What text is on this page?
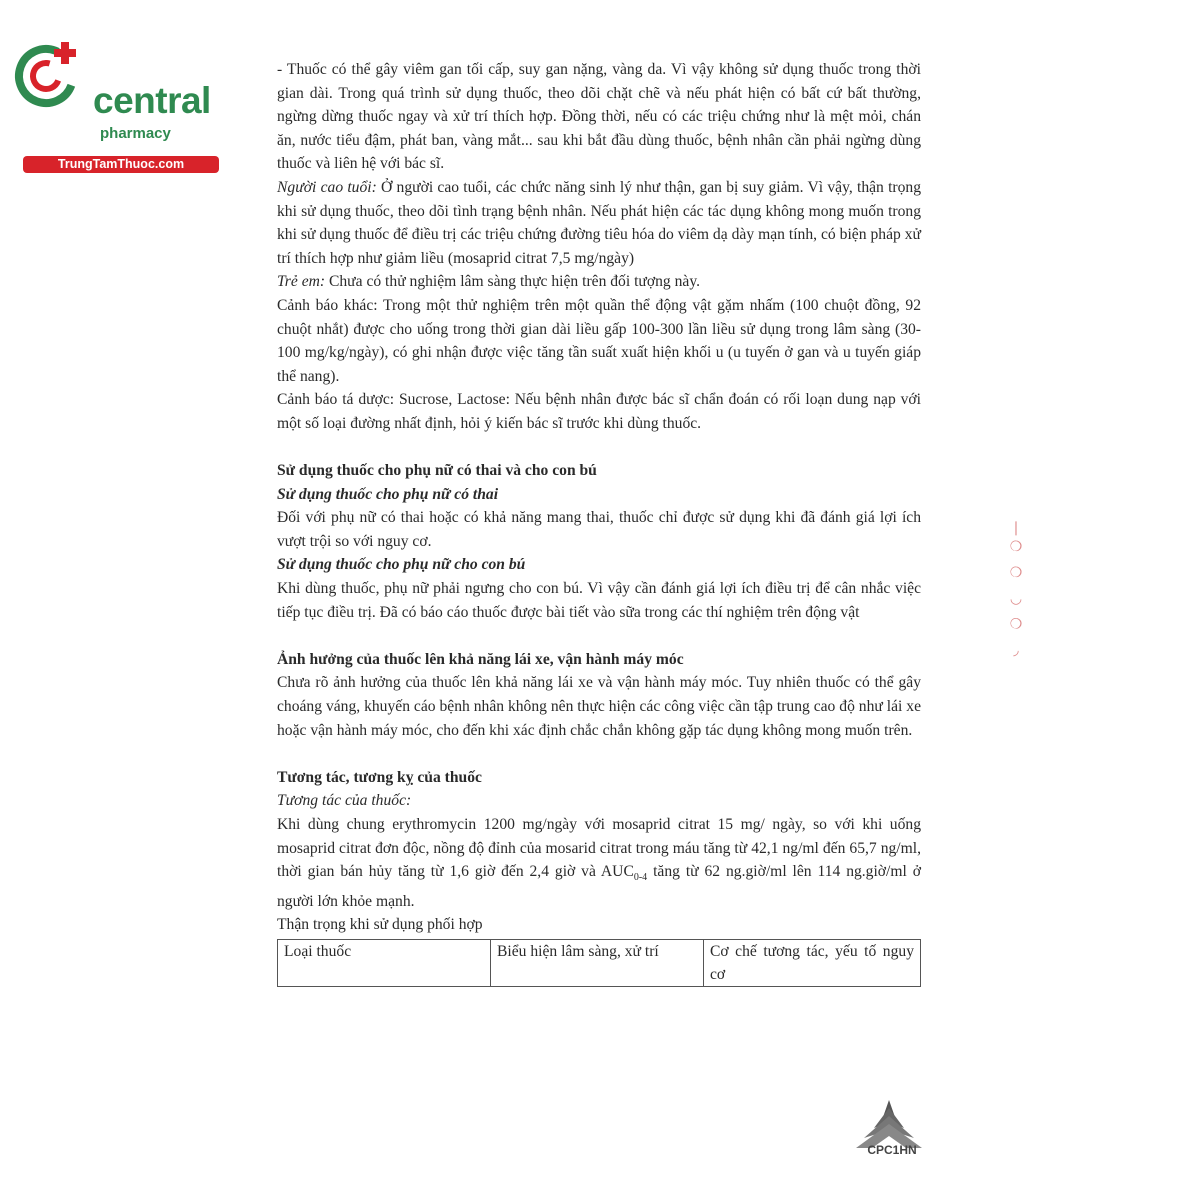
central
pharmacy
TrungTamThuoc.com

- Thuốc có thể gây viêm gan tối cấp, suy gan nặng, vàng da. Vì vậy không sử dụng thuốc trong thời gian dài. Trong quá trình sử dụng thuốc, theo dõi chặt chẽ và nếu phát hiện có bất cứ bất thường, ngừng dừng thuốc ngay và xử trí thích hợp. Đồng thời, nếu có các triệu chứng như là mệt mỏi, chán ăn, nước tiểu đậm, phát ban, vàng mắt... sau khi bắt đầu dùng thuốc, bệnh nhân cần phải ngừng dùng thuốc và liên hệ với bác sĩ.

Người cao tuổi: Ở người cao tuổi, các chức năng sinh lý như thận, gan bị suy giảm. Vì vậy, thận trọng khi sử dụng thuốc, theo dõi tình trạng bệnh nhân. Nếu phát hiện các tác dụng không mong muốn trong khi sử dụng thuốc để điều trị các triệu chứng đường tiêu hóa do viêm dạ dày mạn tính, có biện pháp xử trí thích hợp như giảm liều (mosaprid citrat 7,5 mg/ngày)

Trẻ em: Chưa có thử nghiệm lâm sàng thực hiện trên đối tượng này.

Cảnh báo khác: Trong một thử nghiệm trên một quần thể động vật gặm nhấm (100 chuột đồng, 92 chuột nhắt) được cho uống trong thời gian dài liều gấp 100-300 lần liều sử dụng trong lâm sàng (30-100 mg/kg/ngày), có ghi nhận được việc tăng tần suất xuất hiện khối u (u tuyến ở gan và u tuyến giáp thể nang).

Cảnh báo tá dược: Sucrose, Lactose: Nếu bệnh nhân được bác sĩ chẩn đoán có rối loạn dung nạp với một số loại đường nhất định, hỏi ý kiến bác sĩ trước khi dùng thuốc.

Sử dụng thuốc cho phụ nữ có thai và cho con bú

Sử dụng thuốc cho phụ nữ có thai

Đối với phụ nữ có thai hoặc có khả năng mang thai, thuốc chỉ được sử dụng khi đã đánh giá lợi ích vượt trội so với nguy cơ.

Sử dụng thuốc cho phụ nữ cho con bú

Khi dùng thuốc, phụ nữ phải ngưng cho con bú. Vì vậy cần đánh giá lợi ích điều trị để cân nhắc việc tiếp tục điều trị. Đã có báo cáo thuốc được bài tiết vào sữa trong các thí nghiệm trên động vật

Ảnh hưởng của thuốc lên khả năng lái xe, vận hành máy móc

Chưa rõ ảnh hưởng của thuốc lên khả năng lái xe và vận hành máy móc. Tuy nhiên thuốc có thể gây choáng váng, khuyến cáo bệnh nhân không nên thực hiện các công việc cần tập trung cao độ như lái xe hoặc vận hành máy móc, cho đến khi xác định chắc chắn không gặp tác dụng không mong muốn trên.

Tương tác, tương kỵ của thuốc

Tương tác của thuốc:

Khi dùng chung erythromycin 1200 mg/ngày với mosaprid citrat 15 mg/ ngày, so với khi uống mosaprid citrat đơn độc, nồng độ đỉnh của mosarid citrat trong máu tăng từ 42,1 ng/ml đến 65,7 ng/ml, thời gian bán hủy tăng từ 1,6 giờ đến 2,4 giờ và $AUC_{0-4}$ tăng từ 62 ng.giờ/ml lên 114 ng.giờ/ml ở người lớn khỏe mạnh.

Thận trọng khi sử dụng phối hợp

Loại thuốc	Biểu hiện lâm sàng, xử trí	Cơ chế tương tác, yếu tố nguy cơ
❘❍ ❍ ◡ ❍ ◞
CPC1HN
